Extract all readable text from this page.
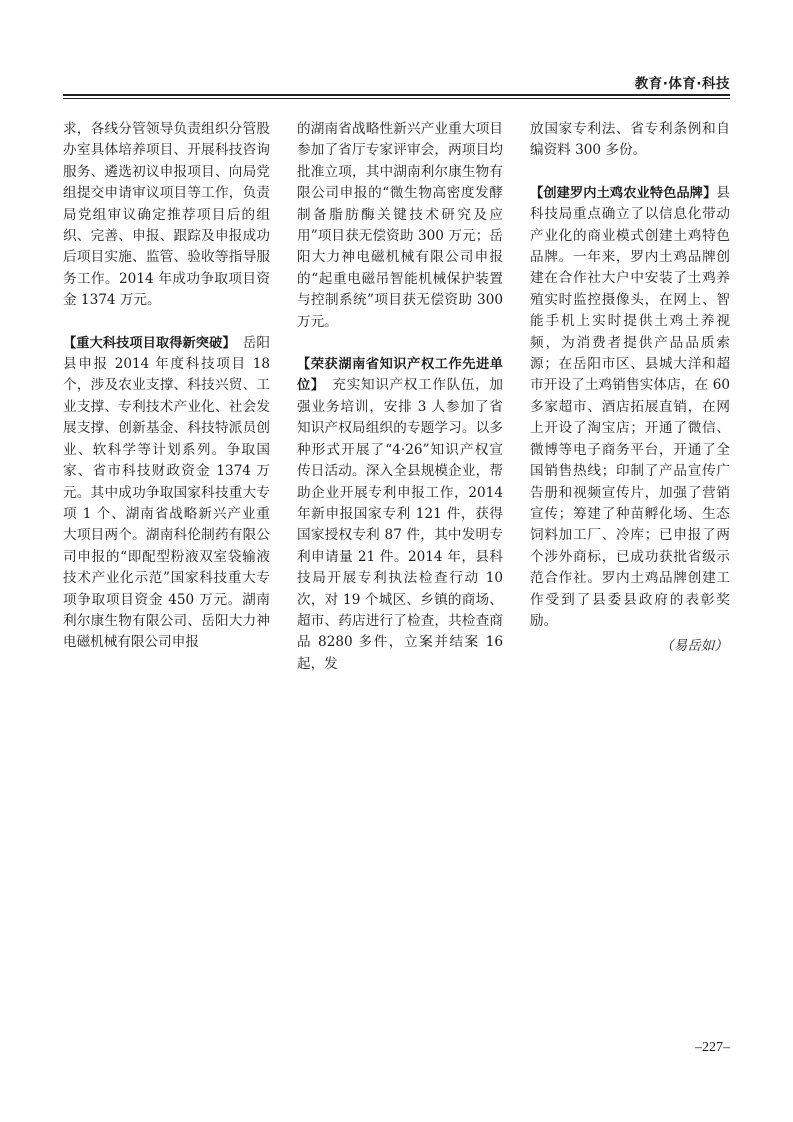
教育·体育·科技

求，各线分管领导负责组织分管股办室具体培养项目、开展科技咨询服务、遴选初议申报项目、向局党组提交申请审议项目等工作，负责局党组审议确定推荐项目后的组织、完善、申报、跟踪及申报成功后项目实施、监管、验收等指导服务工作。2014 年成功争取项目资金 1374 万元。

【重大科技项目取得新突破】　 岳阳县申报 2014 年度科技项目 18 个，涉及农业支撑、科技兴贸、工业支撑、专利技术产业化、社会发展支撑、创新基金、科技特派员创业、软科学等计划系列。争取国家、省市科技财政资金 1374 万元。其中成功争取国家科技重大专项 1 个、湖南省战略新兴产业重大项目两个。湖南科伦制药有限公司申报的“即配型粉液双室袋输液技术产业化示范”国家科技重大专项争取项目资金 450 万元。湖南利尔康生物有限公司、岳阳大力神电磁机械有限公司申报

的湖南省战略性新兴产业重大项目参加了省厅专家评审会，两项目均批准立项，其中湖南利尔康生物有限公司申报的“微生物高密度发酵制备脂肪酶关键技术研究及应用”项目获无偿资助 300 万元；岳阳大力神电磁机械有限公司申报的“起重电磁吊智能机械保护装置与控制系统”项目获无偿资助 300 万元。

【荣获湖南省知识产权工作先进单位】　 充实知识产权工作队伍，加强业务培训，安排 3 人参加了省知识产权局组织的专题学习。以多种形式开展了“4·26”知识产权宣传日活动。深入全县规模企业，帮助企业开展专利申报工作，2014 年新申报国家专利 121 件，获得国家授权专利 87 件，其中发明专利申请量 21 件。2014 年，县科技局开展专利执法检查行动 10 次，对 19 个城区、乡镇的商场、超市、药店进行了检查，共检查商品 8280 多件，立案并结案 16 起，发

放国家专利法、省专利条例和自编资料 300 多份。

【创建罗内土鸡农业特色品牌】县科技局重点确立了以信息化带动产业化的商业模式创建土鸡特色品牌。一年来，罗内土鸡品牌创建在合作社大户中安装了土鸡养殖实时监控摄像头，在网上、智能手机上实时提供土鸡土养视频，为消费者提供产品品质索源；在岳阳市区、县城大洋和超市开设了土鸡销售实体店，在 60 多家超市、酒店拓展直销，在网上开设了淘宝店；开通了微信、微博等电子商务平台，开通了全国销售热线；印制了产品宣传广告册和视频宣传片，加强了营销宣传；筹建了种苗孵化场、生态饲料加工厂、冷库；已申报了两个涉外商标，已成功获批省级示范合作社。罗内土鸡品牌创建工作受到了县委县政府的表彰奖励。

（易岳如）
–227–
